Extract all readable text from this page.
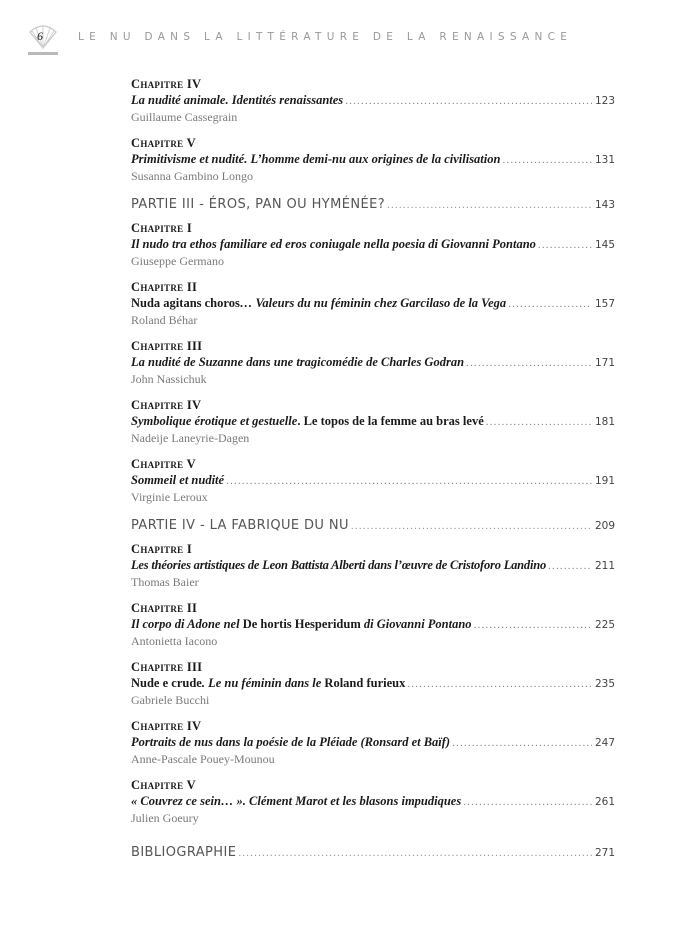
6	LE NU DANS LA LITTÉRATURE DE LA RENAISSANCE
Chapitre IV
La nudité animale. Identités renaissantes .....	123
Guillaume Cassegrain
Chapitre V
Primitivisme et nudité. L’homme demi-nu aux origines de la civilisation .....	131
Susanna Gambino Longo
PARTIE III - ÉROS, PAN OU HYMÉNÉE? .....	143
Chapitre I
Il nudo tra ethos familiare ed eros coniugale nella poesia di Giovanni Pontano .....	145
Giuseppe Germano
Chapitre II
Nuda agitans choros… Valeurs du nu féminin chez Garcilaso de la Vega .....	157
Roland Béhar
Chapitre III
La nudité de Suzanne dans une tragicomédie de Charles Godran .....	171
John Nassichuk
Chapitre IV
Symbolique érotique et gestuelle. Le topos de la femme au bras levé .....	181
Nadeije Laneyrie-Dagen
Chapitre V
Sommeil et nudité .....	191
Virginie Leroux
PARTIE IV - LA FABRIQUE DU NU .....	209
Chapitre I
Les théories artistiques de Leon Battista Alberti dans l’œuvre de Cristoforo Landino .....	211
Thomas Baier
Chapitre II
Il corpo di Adone nel De hortis Hesperidum di Giovanni Pontano .....	225
Antonietta Iacono
Chapitre III
Nude e crude. Le nu féminin dans le Roland furieux .....	235
Gabriele Bucchi
Chapitre IV
Portraits de nus dans la poésie de la Pléiade (Ronsard et Baïf) .....	247
Anne-Pascale Pouey-Mounou
Chapitre V
« Couvrez ce sein… ». Clément Marot et les blasons impudiques .....	261
Julien Goeury
BIBLIOGRAPHIE .....	271
